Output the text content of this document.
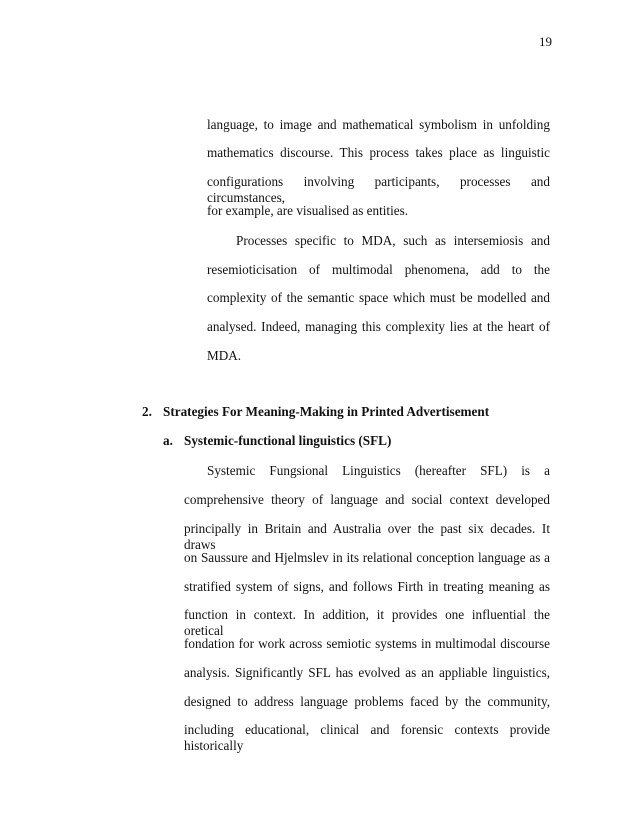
19
language, to image and mathematical symbolism in unfolding
mathematics discourse. This process takes place as linguistic
configurations involving participants, processes and circumstances,
for example, are visualised as entities.
Processes specific to MDA, such as intersemiosis and
resemioticisation of multimodal phenomena, add to the
complexity of the semantic space which must be modelled and
analysed. Indeed, managing this complexity lies at the heart of
MDA.
2. Strategies For Meaning-Making in Printed Advertisement
a. Systemic-functional linguistics (SFL)
Systemic Fungsional Linguistics (hereafter SFL) is a
comprehensive theory of language and social context developed
principally in Britain and Australia over the past six decades. It draws
on Saussure and Hjelmslev in its relational conception language as a
stratified system of signs, and follows Firth in treating meaning as
function in context. In addition, it provides one influential the oretical
fondation for work across semiotic systems in multimodal discourse
analysis. Significantly SFL has evolved as an appliable linguistics,
designed to address language problems faced by the community,
including educational, clinical and forensic contexts provide historically
